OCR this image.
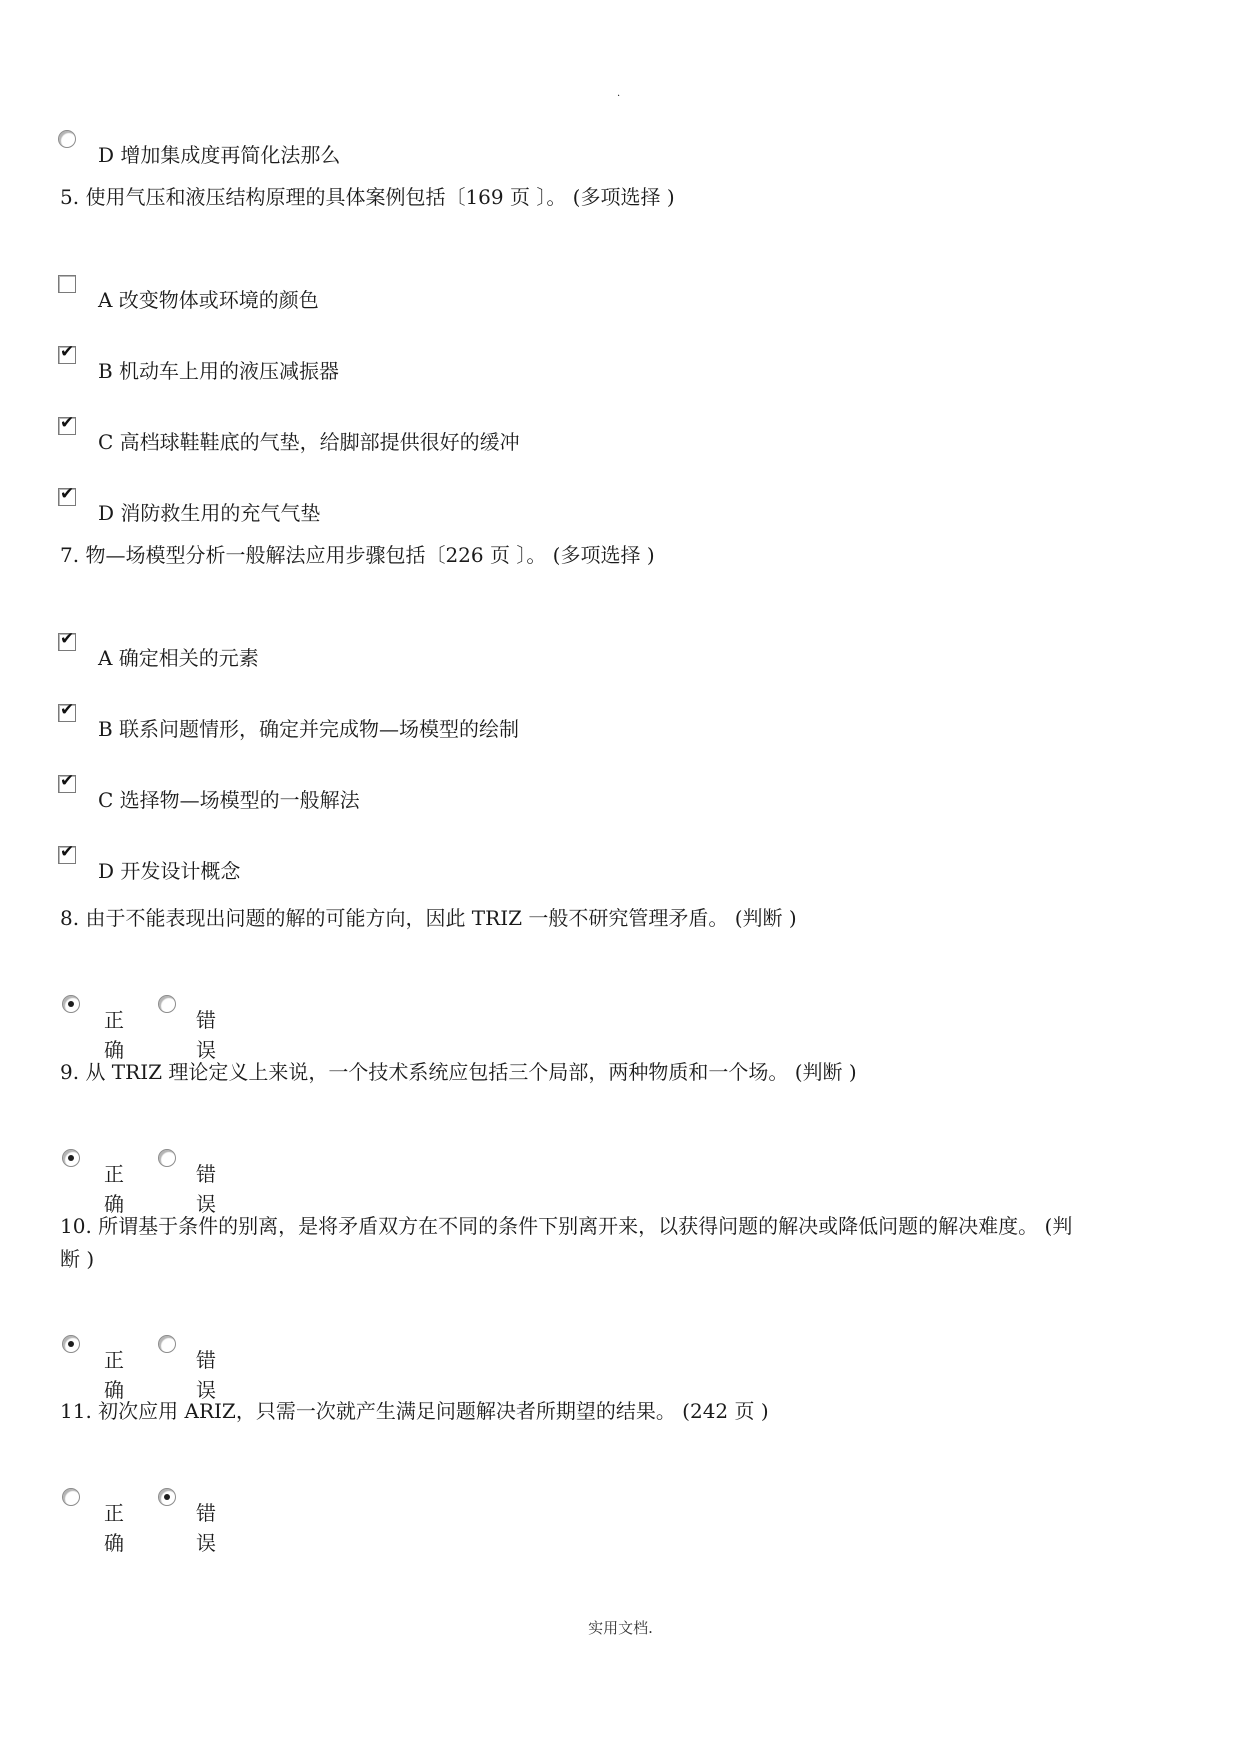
.
D 增加集成度再简化法那么
5. 使用气压和液压结构原理的具体案例包括〔169 页 〕。 (多项选择 )
A 改变物体或环境的颜色
✔
B 机动车上用的液压减振器
✔
C 高档球鞋鞋底的气垫，给脚部提供很好的缓冲
✔
D 消防救生用的充气气垫
7. 物—场模型分析一般解法应用步骤包括〔226 页 〕。 (多项选择 )
✔
A 确定相关的元素
✔
B 联系问题情形，确定并完成物—场模型的绘制
✔
C 选择物—场模型的一般解法
✔
D 开发设计概念
8. 由于不能表现出问题的解的可能方向，因此 TRIZ 一般不研究管理矛盾。 (判断 )
正确
错误
9. 从 TRIZ 理论定义上来说，一个技术系统应包括三个局部，两种物质和一个场。 (判断 )
正确
错误
10. 所谓基于条件的别离，是将矛盾双方在不同的条件下别离开来，以获得问题的解决或降低问题的解决难度。 (判
断 )
正确
错误
11. 初次应用 ARIZ，只需一次就产生满足问题解决者所期望的结果。 (242 页 )
正确
错误
实用文档.
